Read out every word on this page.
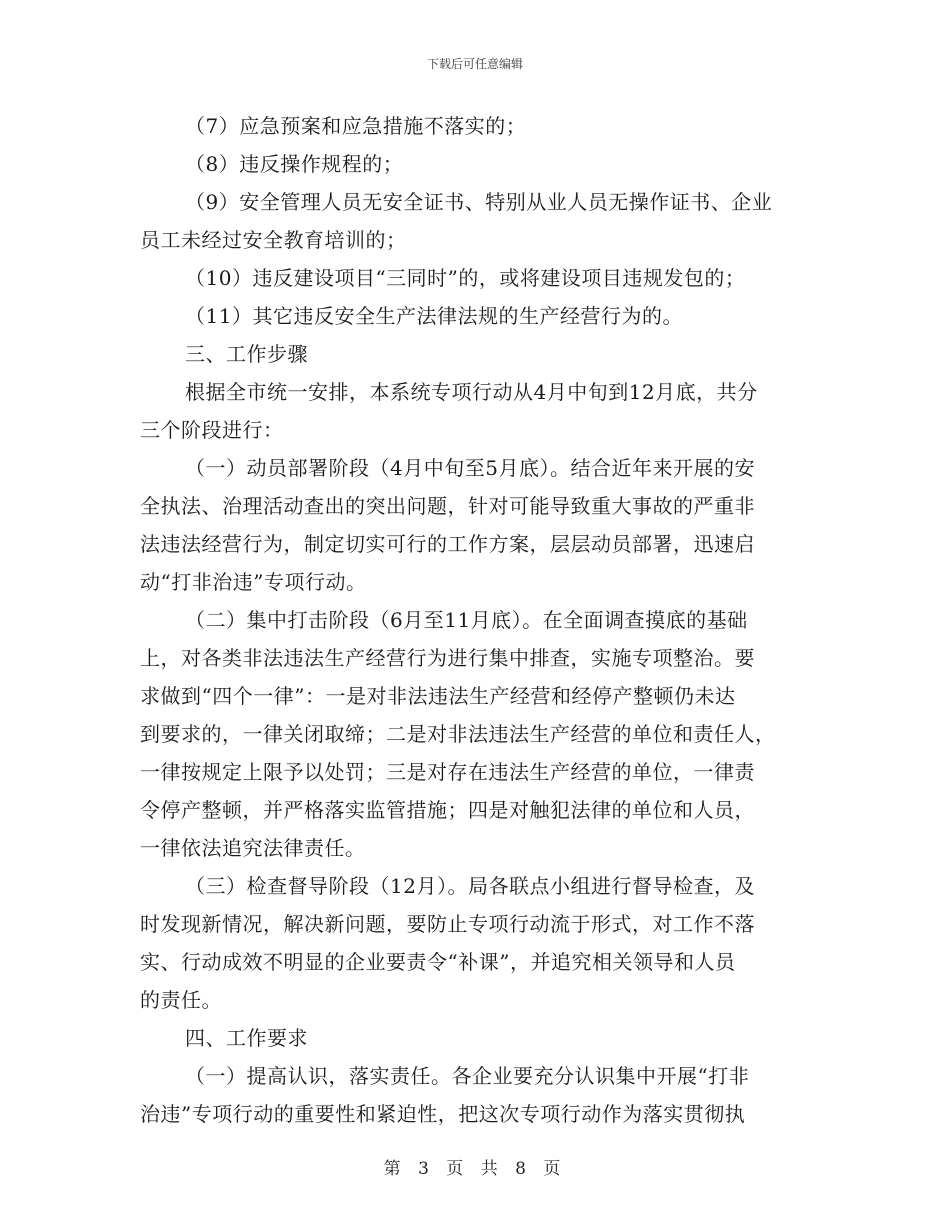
下载后可任意编辑
（7）应急预案和应急措施不落实的；
（8）违反操作规程的；
（9）安全管理人员无安全证书、特别从业人员无操作证书、企业
员工未经过安全教育培训的；
（10）违反建设项目“三同时”的，或将建设项目违规发包的；
（11）其它违反安全生产法律法规的生产经营行为的。
三、工作步骤
根据全市统一安排，本系统专项行动从4月中旬到12月底，共分
三个阶段进行：
（一）动员部署阶段（4月中旬至5月底）。结合近年来开展的安
全执法、治理活动查出的突出问题，针对可能导致重大事故的严重非
法违法经营行为，制定切实可行的工作方案，层层动员部署，迅速启
动“打非治违”专项行动。
（二）集中打击阶段（6月至11月底）。在全面调查摸底的基础
上，对各类非法违法生产经营行为进行集中排查，实施专项整治。要
求做到“四个一律”：一是对非法违法生产经营和经停产整顿仍未达
到要求的，一律关闭取缔；二是对非法违法生产经营的单位和责任人，
一律按规定上限予以处罚；三是对存在违法生产经营的单位，一律责
令停产整顿，并严格落实监管措施；四是对触犯法律的单位和人员，
一律依法追究法律责任。
（三）检查督导阶段（12月）。局各联点小组进行督导检查，及
时发现新情况，解决新问题，要防止专项行动流于形式，对工作不落
实、行动成效不明显的企业要责令“补课”，并追究相关领导和人员
的责任。
四、工作要求
（一）提高认识，落实责任。各企业要充分认识集中开展“打非
治违”专项行动的重要性和紧迫性，把这次专项行动作为落实贯彻执
第 3 页 共 8 页
